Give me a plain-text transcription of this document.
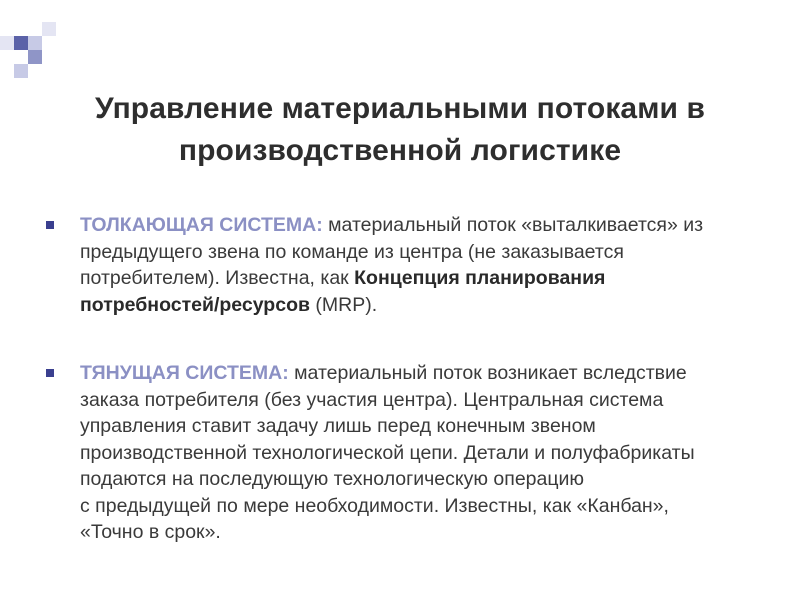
Управление материальными потоками в
производственной логистике
ТОЛКАЮЩАЯ СИСТЕМА: материальный поток «выталкивается» из
предыдущего звена по команде из центра (не заказывается
потребителем). Известна, как Концепция планирования
потребностей/ресурсов (MRP).
ТЯНУЩАЯ СИСТЕМА: материальный поток возникает вследствие
заказа потребителя (без участия центра). Центральная система
управления ставит задачу лишь перед конечным звеном
производственной технологической цепи. Детали и полуфабрикаты
подаются на последующую технологическую операцию
с предыдущей по мере необходимости. Известны, как «Канбан»,
«Точно в срок».
